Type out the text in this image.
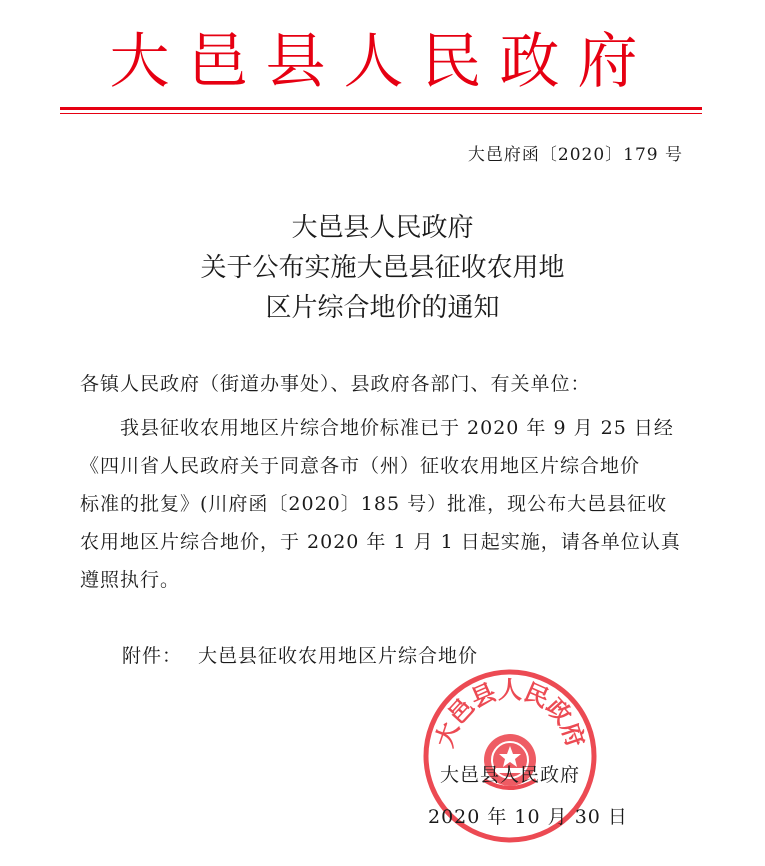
大邑县人民政府
大邑府函〔2020〕179 号
大邑县人民政府
关于公布实施大邑县征收农用地
区片综合地价的通知
各镇人民政府（街道办事处）、县政府各部门、有关单位：
我县征收农用地区片综合地价标准已于 2020 年 9 月 25 日经
《四川省人民政府关于同意各市（州）征收农用地区片综合地价
标准的批复》(川府函〔2020〕185 号）批准，现公布大邑县征收
农用地区片综合地价，于 2020 年 1 月 1 日起实施，请各单位认真
遵照执行。
附件： 大邑县征收农用地区片综合地价
大邑县人民政府
大邑县人民政府
2020 年 10 月 30 日
